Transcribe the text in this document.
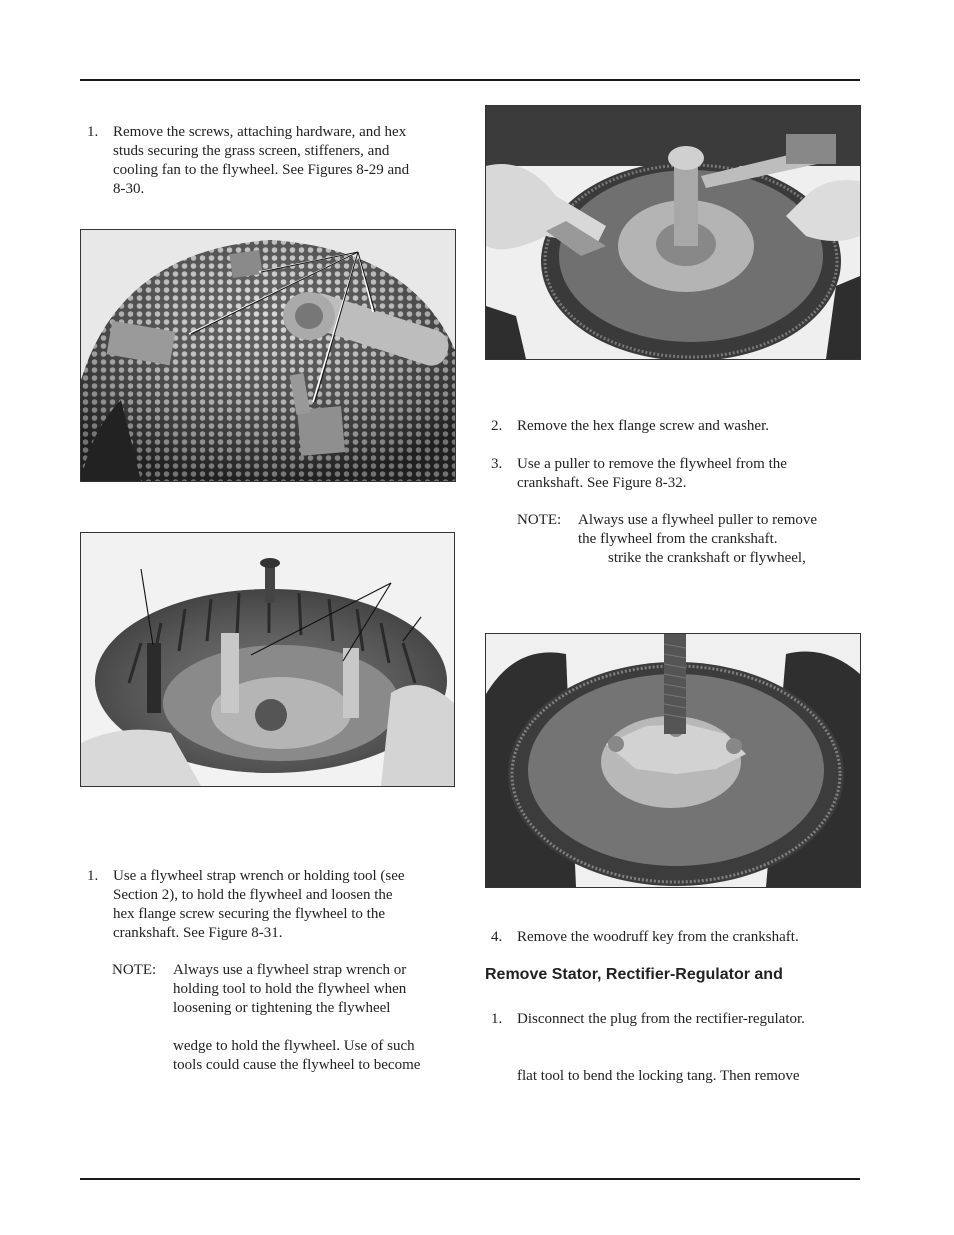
1. Remove the screws, attaching hardware, and hex
studs securing the grass screen, stiffeners, and
cooling fan to the flywheel. See Figures 8-29 and
8-30.
1. Use a flywheel strap wrench or holding tool (see
Section 2), to hold the flywheel and loosen the
hex flange screw securing the flywheel to the
crankshaft. See Figure 8-31.
NOTE: Always use a flywheel strap wrench or
holding tool to hold the flywheel when
loosening or tightening the flywheel

wedge to hold the flywheel. Use of such
tools could cause the flywheel to become
2. Remove the hex flange screw and washer.
3. Use a puller to remove the flywheel from the
crankshaft. See Figure 8-32.
NOTE: Always use a flywheel puller to remove
the flywheel from the crankshaft.
strike the crankshaft or flywheel,
4. Remove the woodruff key from the crankshaft.
Remove Stator, Rectifier-Regulator and
1. Disconnect the plug from the rectifier-regulator.

flat tool to bend the locking tang. Then remove
